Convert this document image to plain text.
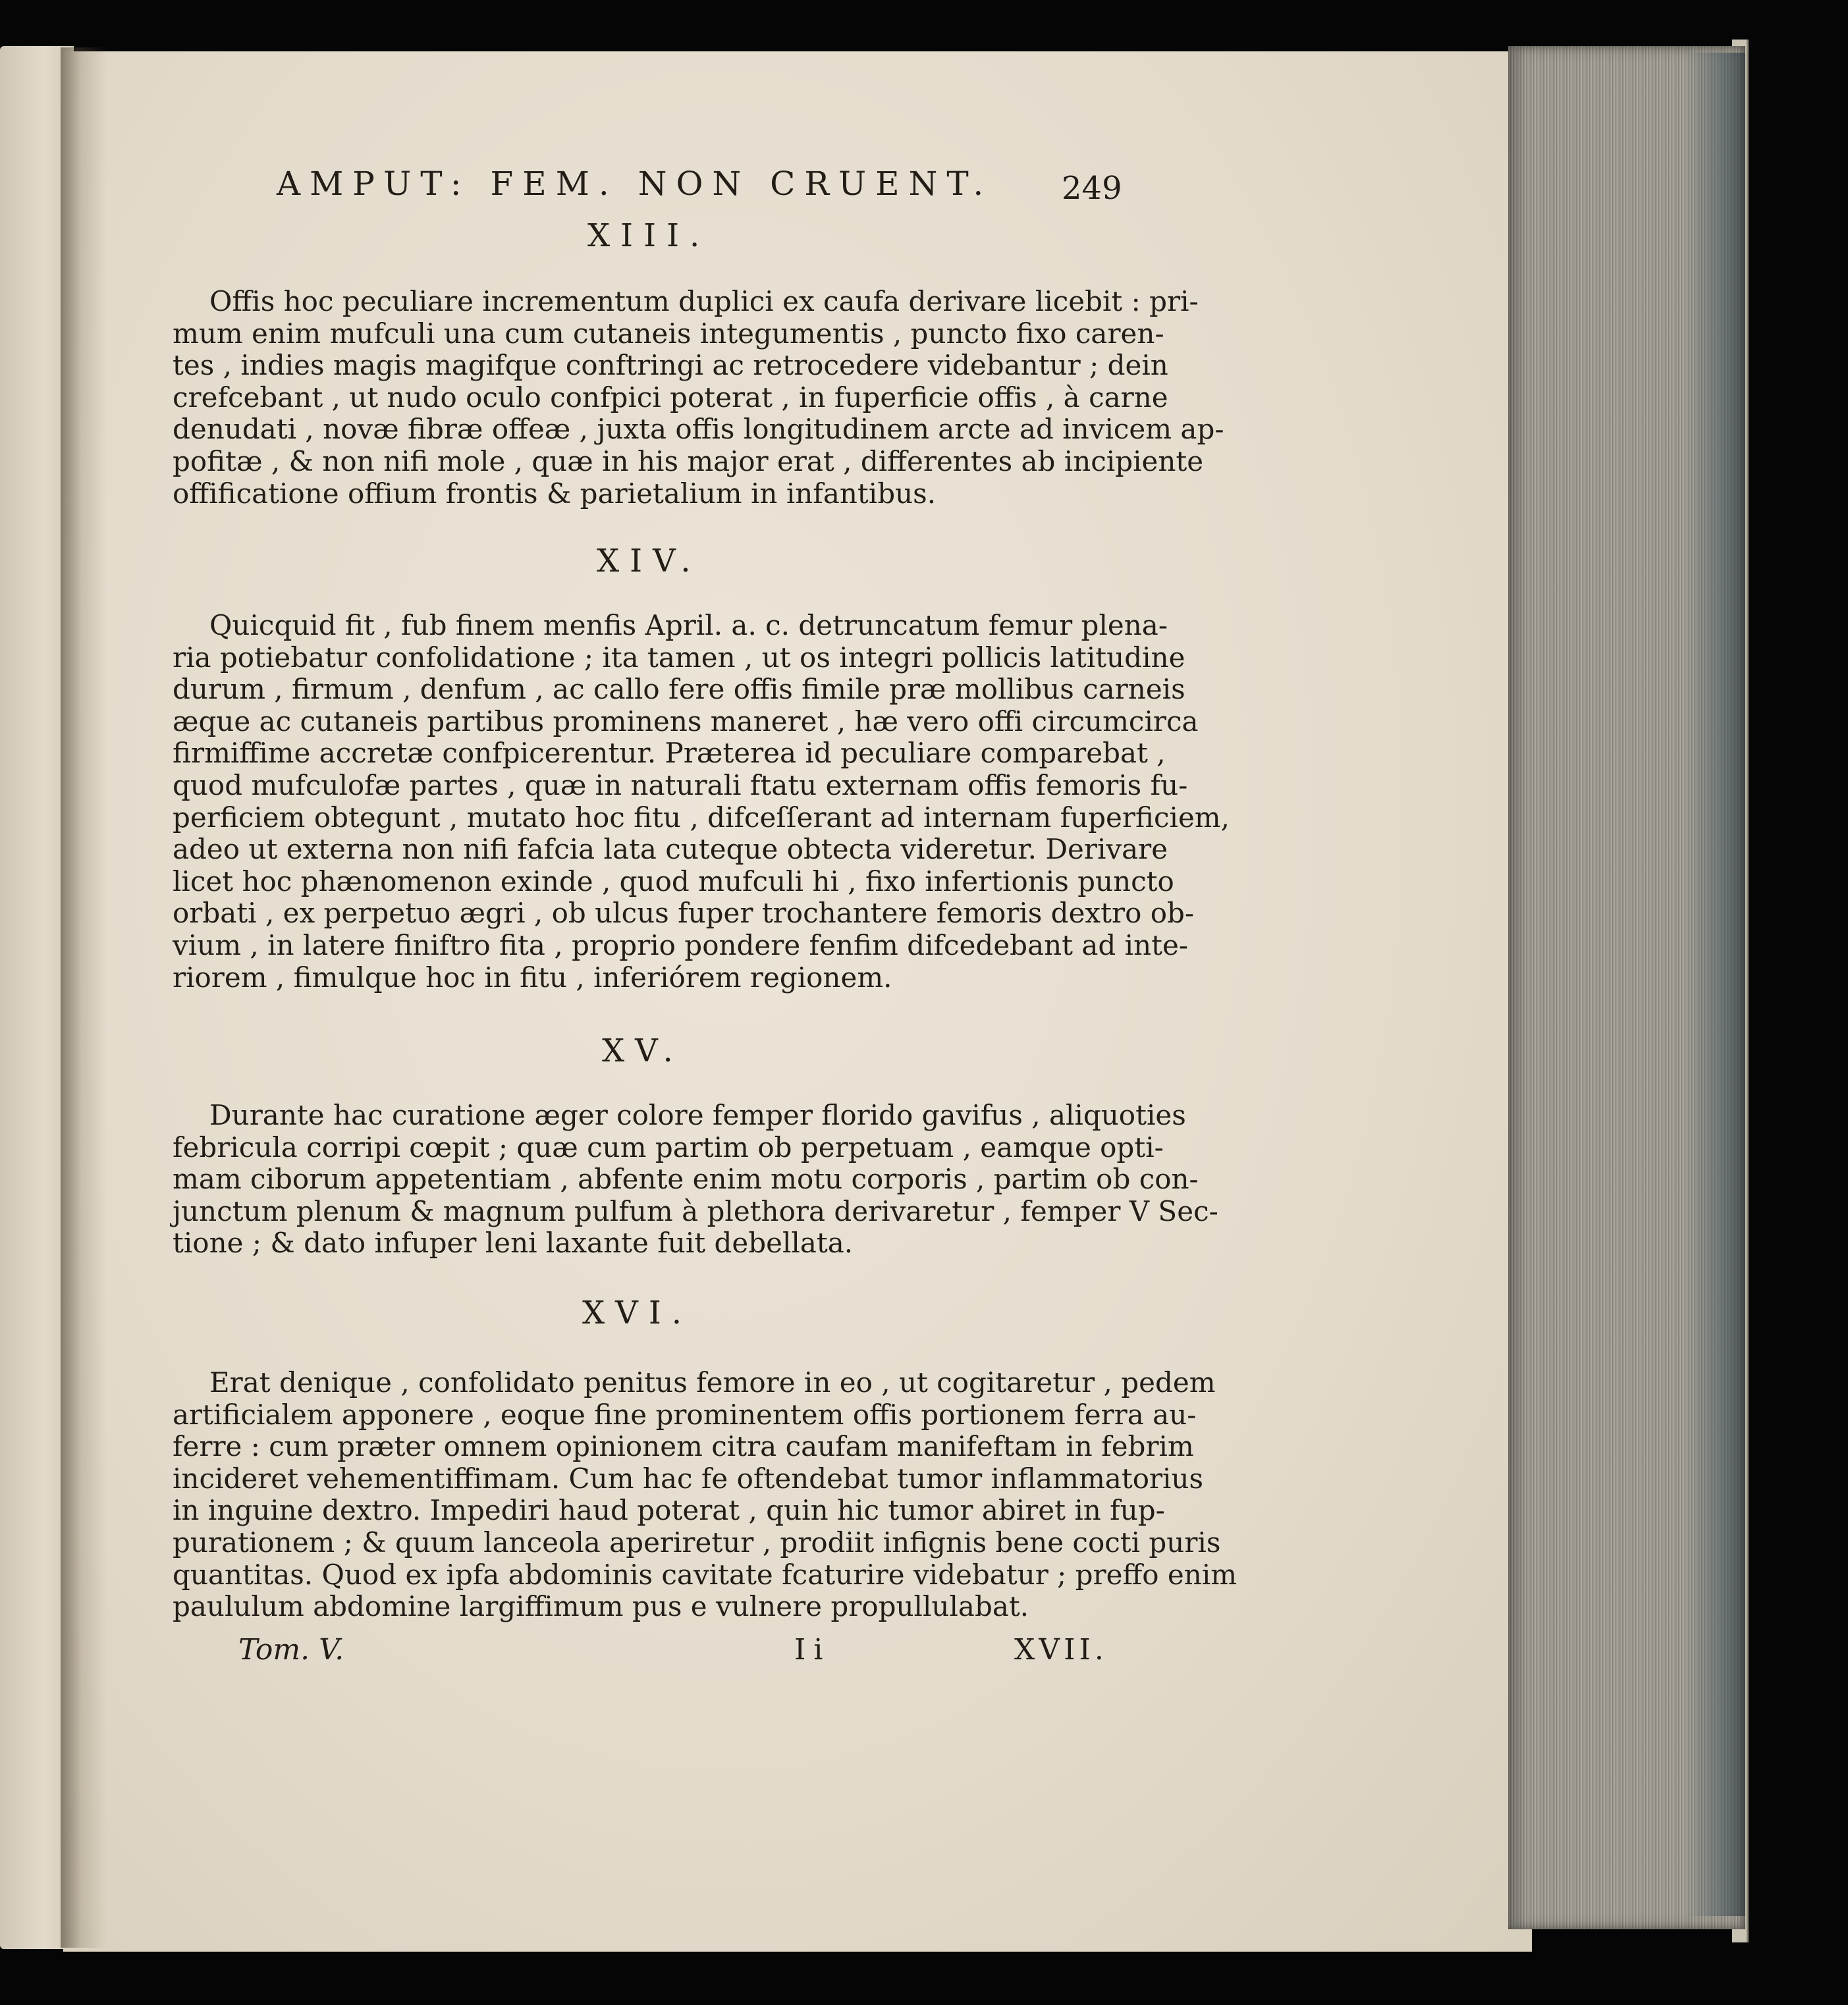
AMPUT: FEM. NON CRUENT. 249
XIII.
Offis hoc peculiare incrementum duplici ex caufa derivare licebit : pri-
mum enim mufculi una cum cutaneis integumentis , puncto fixo caren-
tes , indies magis magifque conftringi ac retrocedere videbantur ; dein
crefcebant , ut nudo oculo confpici poterat , in fuperficie offis , à carne
denudati , novæ fibræ offeæ , juxta offis longitudinem arcte ad invicem ap-
pofitæ , & non nifi mole , quæ in his major erat , differentes ab incipiente
offificatione offium frontis & parietalium in infantibus.
XIV.
Quicquid fit , fub finem menfis April. a. c. detruncatum femur plena-
ria potiebatur confolidatione ; ita tamen , ut os integri pollicis latitudine
durum , firmum , denfum , ac callo fere offis fimile præ mollibus carneis
æque ac cutaneis partibus prominens maneret , hæ vero offi circumcirca
firmiffime accretæ confpicerentur. Præterea id peculiare comparebat ,
quod mufculofæ partes , quæ in naturali ftatu externam offis femoris fu-
perficiem obtegunt , mutato hoc fitu , difceſſerant ad internam fuperficiem,
adeo ut externa non nifi fafcia lata cuteque obtecta videretur. Derivare
licet hoc phænomenon exinde , quod mufculi hi , fixo infertionis puncto
orbati , ex perpetuo ægri , ob ulcus fuper trochantere femoris dextro ob-
vium , in latere finiftro fita , proprio pondere fenfim difcedebant ad inte-
riorem , fimulque hoc in fitu , inferiórem regionem.
XV.
Durante hac curatione æger colore femper florido gavifus , aliquoties
febricula corripi cœpit ; quæ cum partim ob perpetuam , eamque opti-
mam ciborum appetentiam , abfente enim motu corporis , partim ob con-
junctum plenum & magnum pulfum à plethora derivaretur , femper V Sec-
tione ; & dato infuper leni laxante fuit debellata.
XVI.
Erat denique , confolidato penitus femore in eo , ut cogitaretur , pedem
artificialem apponere , eoque fine prominentem offis portionem ferra au-
ferre : cum præter omnem opinionem citra caufam manifeftam in febrim
incideret vehementiffimam. Cum hac fe oftendebat tumor inflammatorius
in inguine dextro. Impediri haud poterat , quin hic tumor abiret in fup-
purationem ; & quum lanceola aperiretur , prodiit infignis bene cocti puris
quantitas. Quod ex ipfa abdominis cavitate fcaturire videbatur ; preffo enim
paululum abdomine largiffimum pus e vulnere propullulabat.
Tom. V.	Ii	XVII.
